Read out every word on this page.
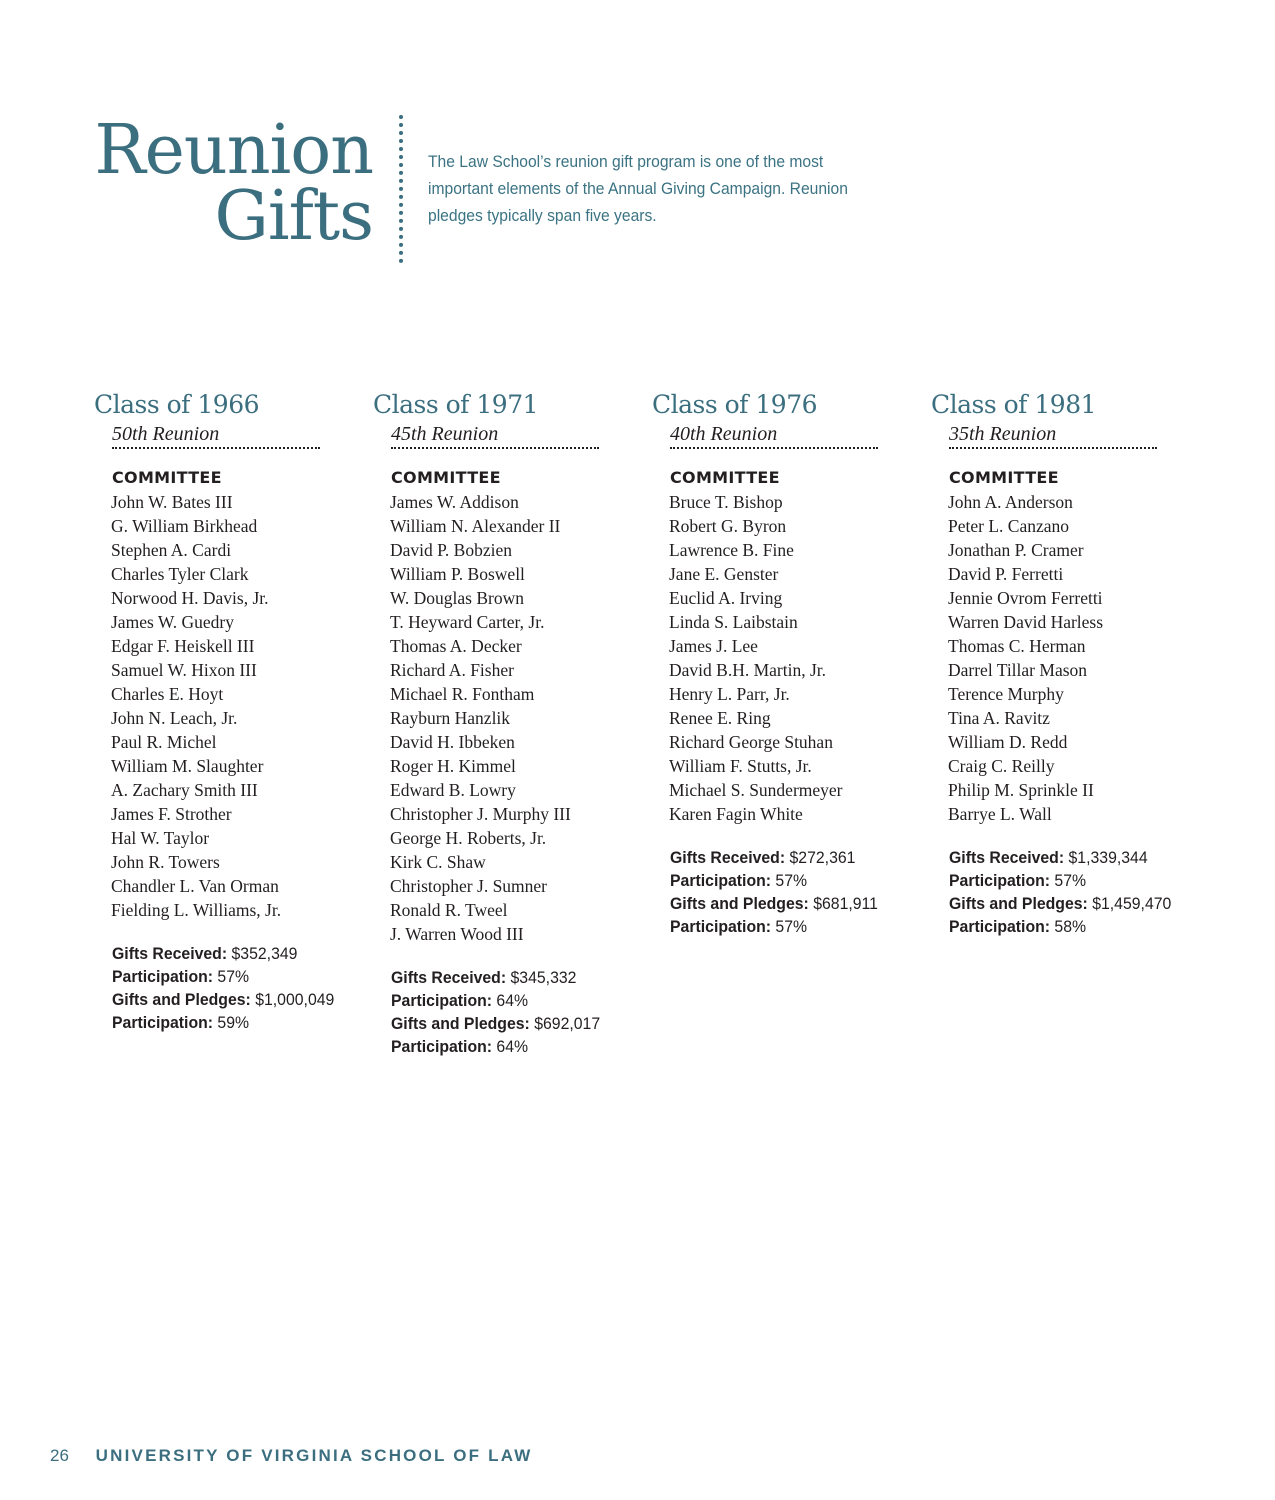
Reunion
Gifts

The Law School’s reunion gift program is one of the most important elements of the Annual Giving Campaign. Reunion pledges typically span five years.

Class of 1966
50th Reunion
COMMITTEE
John W. Bates III
G. William Birkhead
Stephen A. Cardi
Charles Tyler Clark
Norwood H. Davis, Jr.
James W. Guedry
Edgar F. Heiskell III
Samuel W. Hixon III
Charles E. Hoyt
John N. Leach, Jr.
Paul R. Michel
William M. Slaughter
A. Zachary Smith III
James F. Strother
Hal W. Taylor
John R. Towers
Chandler L. Van Orman
Fielding L. Williams, Jr.
Gifts Received: $352,349
Participation: 57%
Gifts and Pledges: $1,000,049
Participation: 59%
Class of 1971
45th Reunion
COMMITTEE
James W. Addison
William N. Alexander II
David P. Bobzien
William P. Boswell
W. Douglas Brown
T. Heyward Carter, Jr.
Thomas A. Decker
Richard A. Fisher
Michael R. Fontham
Rayburn Hanzlik
David H. Ibbeken
Roger H. Kimmel
Edward B. Lowry
Christopher J. Murphy III
George H. Roberts, Jr.
Kirk C. Shaw
Christopher J. Sumner
Ronald R. Tweel
J. Warren Wood III
Gifts Received: $345,332
Participation: 64%
Gifts and Pledges: $692,017
Participation: 64%
Class of 1976
40th Reunion
COMMITTEE
Bruce T. Bishop
Robert G. Byron
Lawrence B. Fine
Jane E. Genster
Euclid A. Irving
Linda S. Laibstain
James J. Lee
David B.H. Martin, Jr.
Henry L. Parr, Jr.
Renee E. Ring
Richard George Stuhan
William F. Stutts, Jr.
Michael S. Sundermeyer
Karen Fagin White
Gifts Received: $272,361
Participation: 57%
Gifts and Pledges: $681,911
Participation: 57%
Class of 1981
35th Reunion
COMMITTEE
John A. Anderson
Peter L. Canzano
Jonathan P. Cramer
David P. Ferretti
Jennie Ovrom Ferretti
Warren David Harless
Thomas C. Herman
Darrel Tillar Mason
Terence Murphy
Tina A. Ravitz
William D. Redd
Craig C. Reilly
Philip M. Sprinkle II
Barrye L. Wall
Gifts Received: $1,339,344
Participation: 57%
Gifts and Pledges: $1,459,470
Participation: 58%
26 UNIVERSITY OF VIRGINIA SCHOOL OF LAW
